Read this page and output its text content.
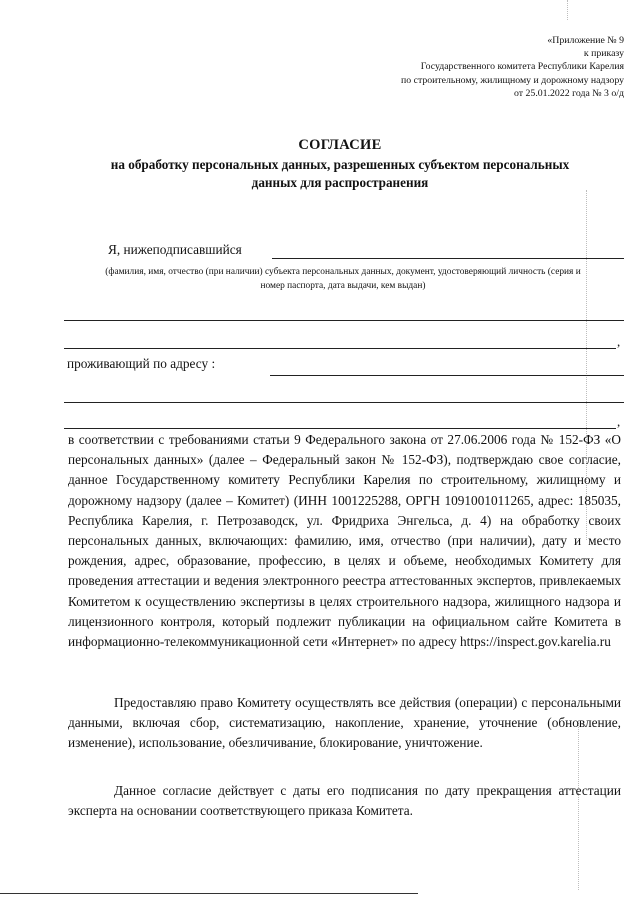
«Приложение № 9
к приказу
Государственного комитета Республики Карелия
по строительному, жилищному и дорожному надзору
от 25.01.2022 года № 3 о/д
СОГЛАСИЕ
на обработку персональных данных, разрешенных субъектом персональных
данных для распространения
Я, нижеподписавшийся
(фамилия, имя, отчество (при наличии) субъекта персональных данных, документ, удостоверяющий личность (серия и
номер паспорта, дата выдачи, кем выдан)
,
проживающий по адресу :
,

в соответствии с требованиями статьи 9 Федерального закона от 27.06.2006 года № 152-ФЗ «О персональных данных» (далее – Федеральный закон № 152-ФЗ), подтверждаю свое согласие, данное Государственному комитету Республики Карелия по строительному, жилищному и дорожному надзору (далее – Комитет) (ИНН 1001225288, ОРГН 1091001011265, адрес: 185035, Республика Карелия, г. Петрозаводск, ул. Фридриха Энгельса, д. 4) на обработку своих персональных данных, включающих: фамилию, имя, отчество (при наличии), дату и место рождения, адрес, образование, профессию, в целях и объеме, необходимых Комитету для проведения аттестации и ведения электронного реестра аттестованных экспертов, привлекаемых Комитетом к осуществлению экспертизы в целях строительного надзора, жилищного надзора и лицензионного контроля, который подлежит публикации на официальном сайте Комитета в информационно-телекоммуникационной сети «Интернет» по адресу https://inspect.gov.karelia.ru

Предоставляю право Комитету осуществлять все действия (операции) с персональными данными, включая сбор, систематизацию, накопление, хранение, уточнение (обновление, изменение), использование, обезличивание, блокирование, уничтожение.

Данное согласие действует с даты его подписания по дату прекращения аттестации эксперта на основании соответствующего приказа Комитета.
